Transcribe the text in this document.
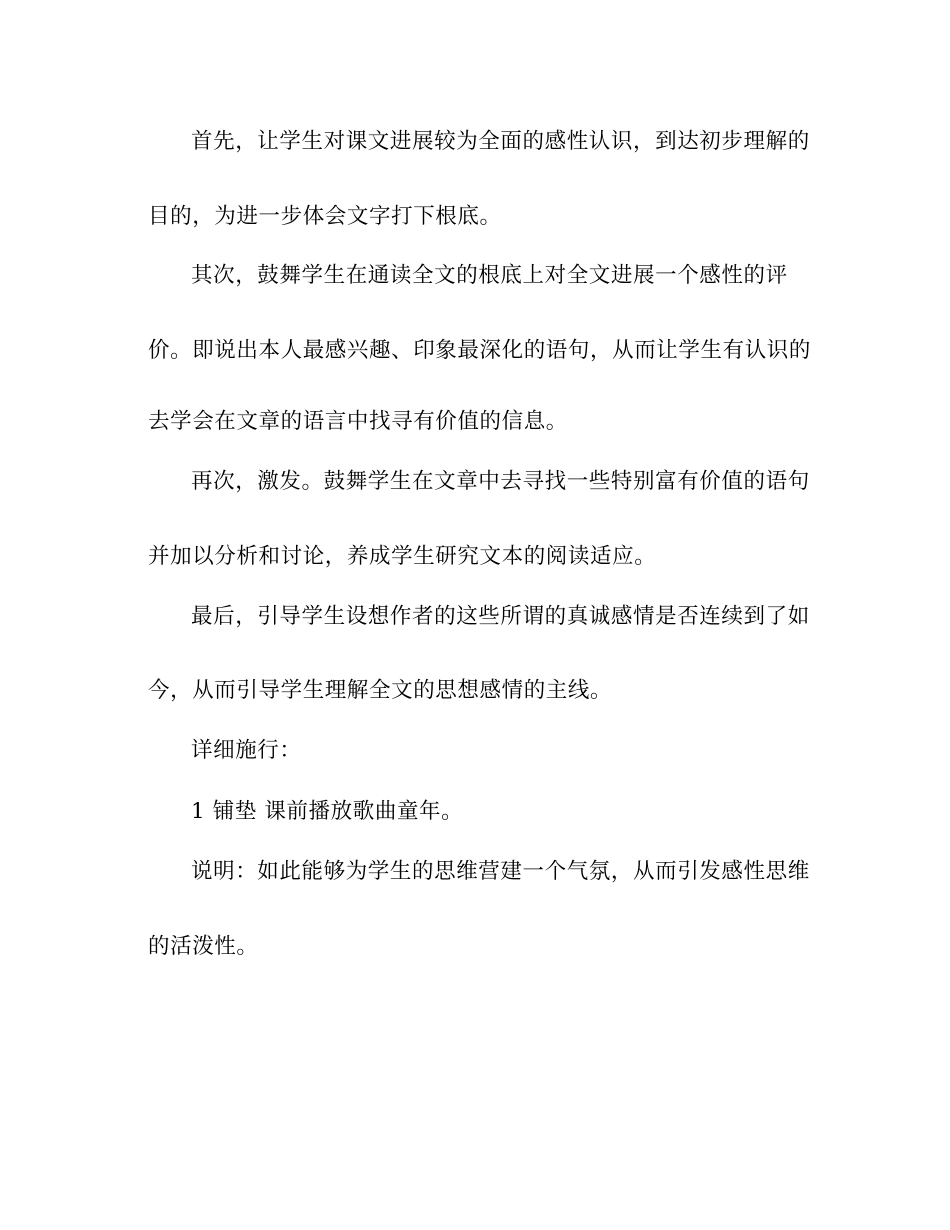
首先，让学生对课文进展较为全面的感性认识，到达初步理解的
目的，为进一步体会文字打下根底。
其次，鼓舞学生在通读全文的根底上对全文进展一个感性的评
价。即说出本人最感兴趣、印象最深化的语句，从而让学生有认识的
去学会在文章的语言中找寻有价值的信息。
再次，激发。鼓舞学生在文章中去寻找一些特别富有价值的语句
并加以分析和讨论，养成学生研究文本的阅读适应。
最后，引导学生设想作者的这些所谓的真诚感情是否连续到了如
今，从而引导学生理解全文的思想感情的主线。
详细施行：
1 铺垫 课前播放歌曲童年。
说明：如此能够为学生的思维营建一个气氛，从而引发感性思维
的活泼性。
